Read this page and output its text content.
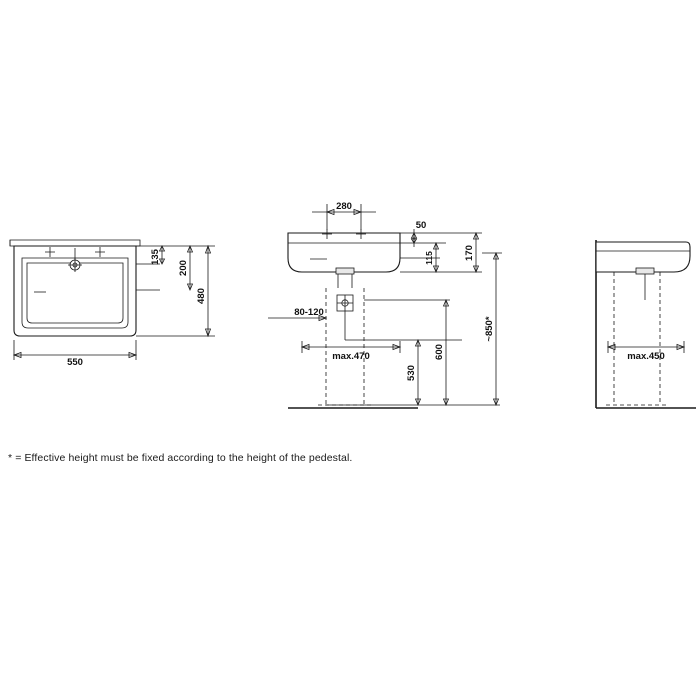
550
480
200
135
280
50
115	170
80-120
max.470
530
600
~850*
max.450
* = Effective height must be fixed according to the height of the pedestal.
